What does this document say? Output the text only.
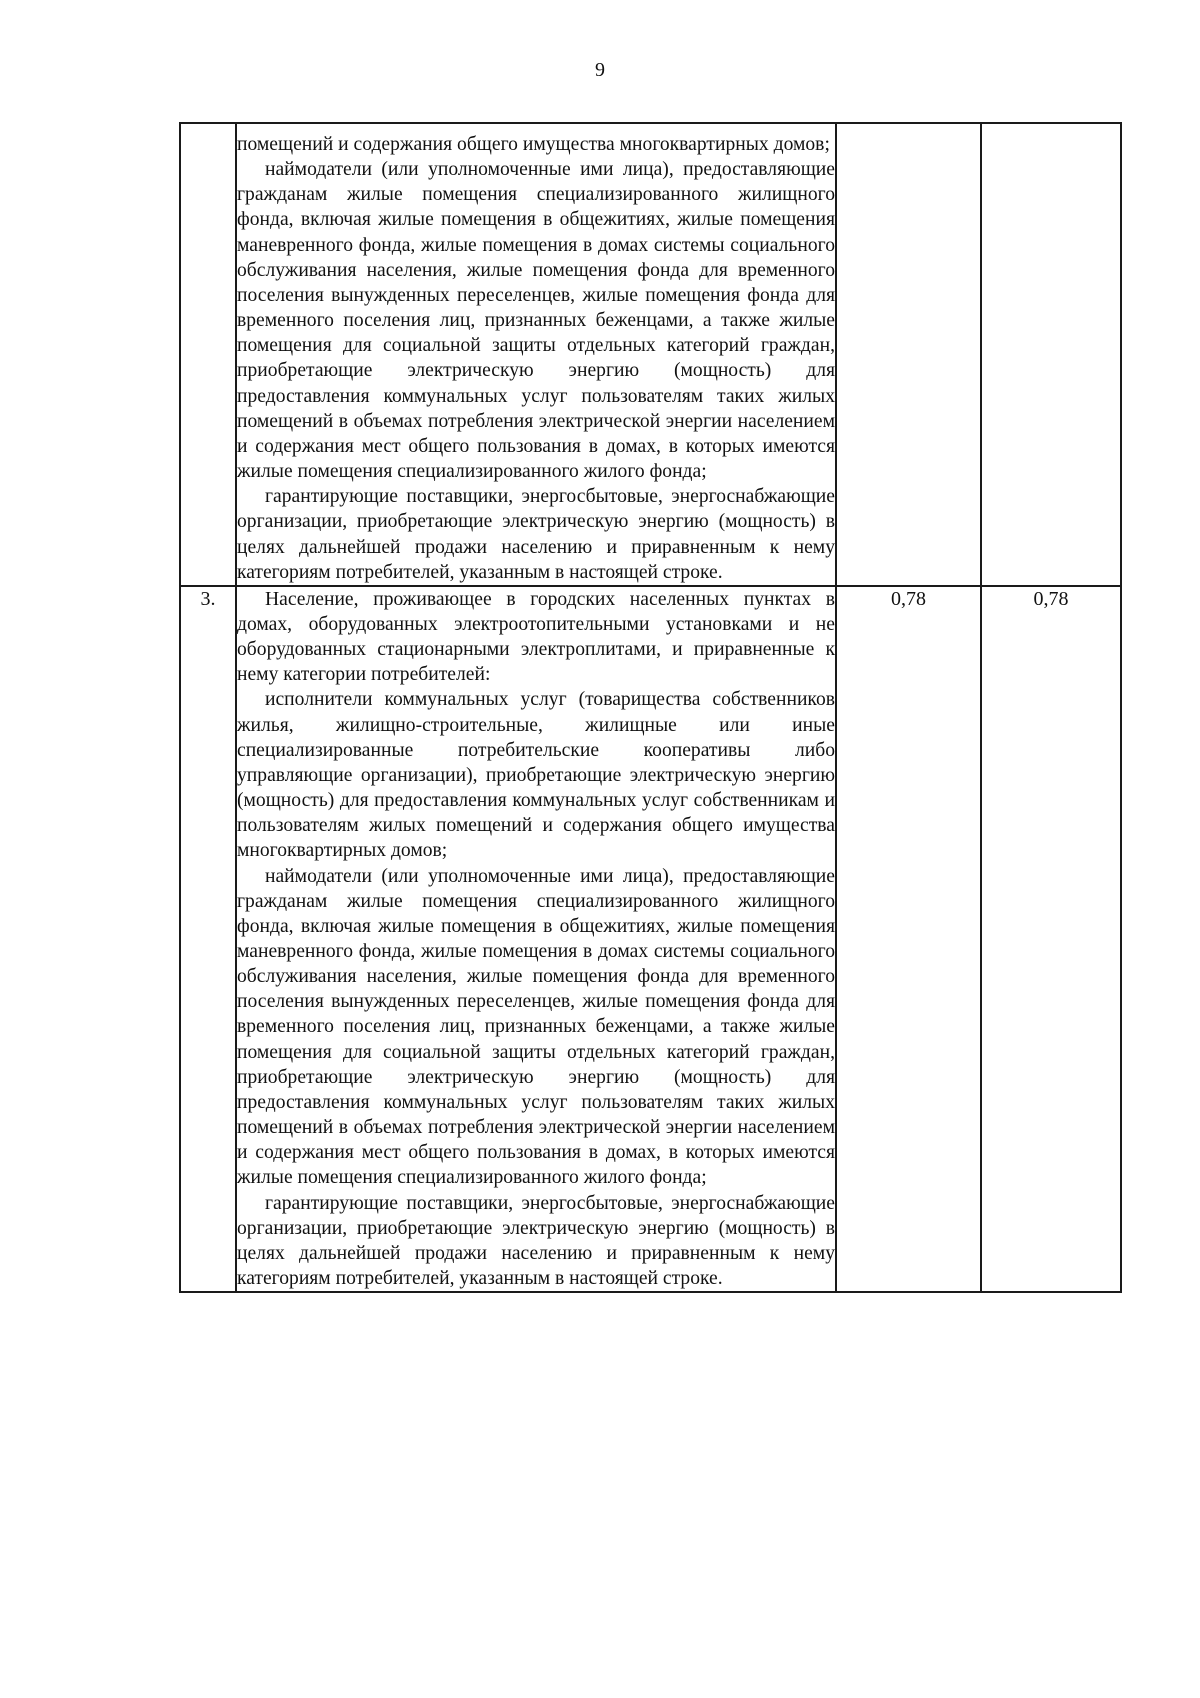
9

	помещений и содержания общего имущества многоквартирных домов;

наймодатели (или уполномоченные ими лица), предоставляющие гражданам жилые помещения специализированного жилищного фонда, включая жилые помещения в общежитиях, жилые помещения маневренного фонда, жилые помещения в домах системы социального обслуживания населения, жилые помещения фонда для временного поселения вынужденных переселенцев, жилые помещения фонда для временного поселения лиц, признанных беженцами, а также жилые помещения для социальной защиты отдельных категорий граждан, приобретающие электрическую энергию (мощность) для предоставления коммунальных услуг пользователям таких жилых помещений в объемах потребления электрической энергии населением и содержания мест общего пользования в домах, в которых имеются жилые помещения специализированного жилого фонда;

гарантирующие поставщики, энергосбытовые, энергоснабжающие организации, приобретающие электрическую энергию (мощность) в целях дальнейшей продажи населению и приравненным к нему категориям потребителей, указанным в настоящей строке.		

3.	Население, проживающее в городских населенных пунктах в домах, оборудованных электроотопительными установками и не оборудованных стационарными электроплитами, и приравненные к нему категории потребителей:

исполнители коммунальных услуг (товарищества собственников жилья, жилищно-строительные, жилищные или иные специализированные потребительские кооперативы либо управляющие организации), приобретающие электрическую энергию (мощность) для предоставления коммунальных услуг собственникам и пользователям жилых помещений и содержания общего имущества многоквартирных домов;

наймодатели (или уполномоченные ими лица), предоставляющие гражданам жилые помещения специализированного жилищного фонда, включая жилые помещения в общежитиях, жилые помещения маневренного фонда, жилые помещения в домах системы социального обслуживания населения, жилые помещения фонда для временного поселения вынужденных переселенцев, жилые помещения фонда для временного поселения лиц, признанных беженцами, а также жилые помещения для социальной защиты отдельных категорий граждан, приобретающие электрическую энергию (мощность) для предоставления коммунальных услуг пользователям таких жилых помещений в объемах потребления электрической энергии населением и содержания мест общего пользования в домах, в которых имеются жилые помещения специализированного жилого фонда;

гарантирующие поставщики, энергосбытовые, энергоснабжающие организации, приобретающие электрическую энергию (мощность) в целях дальнейшей продажи населению и приравненным к нему категориям потребителей, указанным в настоящей строке.	0,78	0,78
